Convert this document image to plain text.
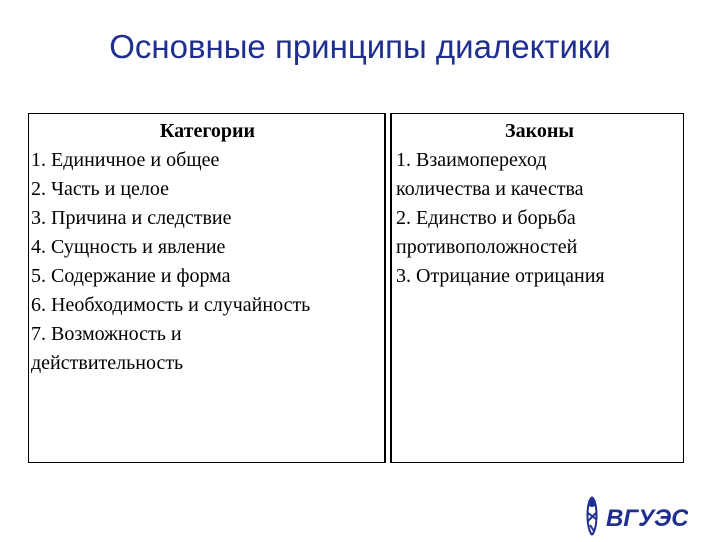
Основные принципы диалектики
Категории
1. Единичное и общее
2. Часть и целое
3. Причина и следствие
4. Сущность и явление
5. Содержание и форма
6. Необходимость и случайность
7. Возможность и действительность
Законы
1. Взаимопереход количества и качества
2. Единство и борьба противоположностей
3. Отрицание отрицания
ВГУЭС
